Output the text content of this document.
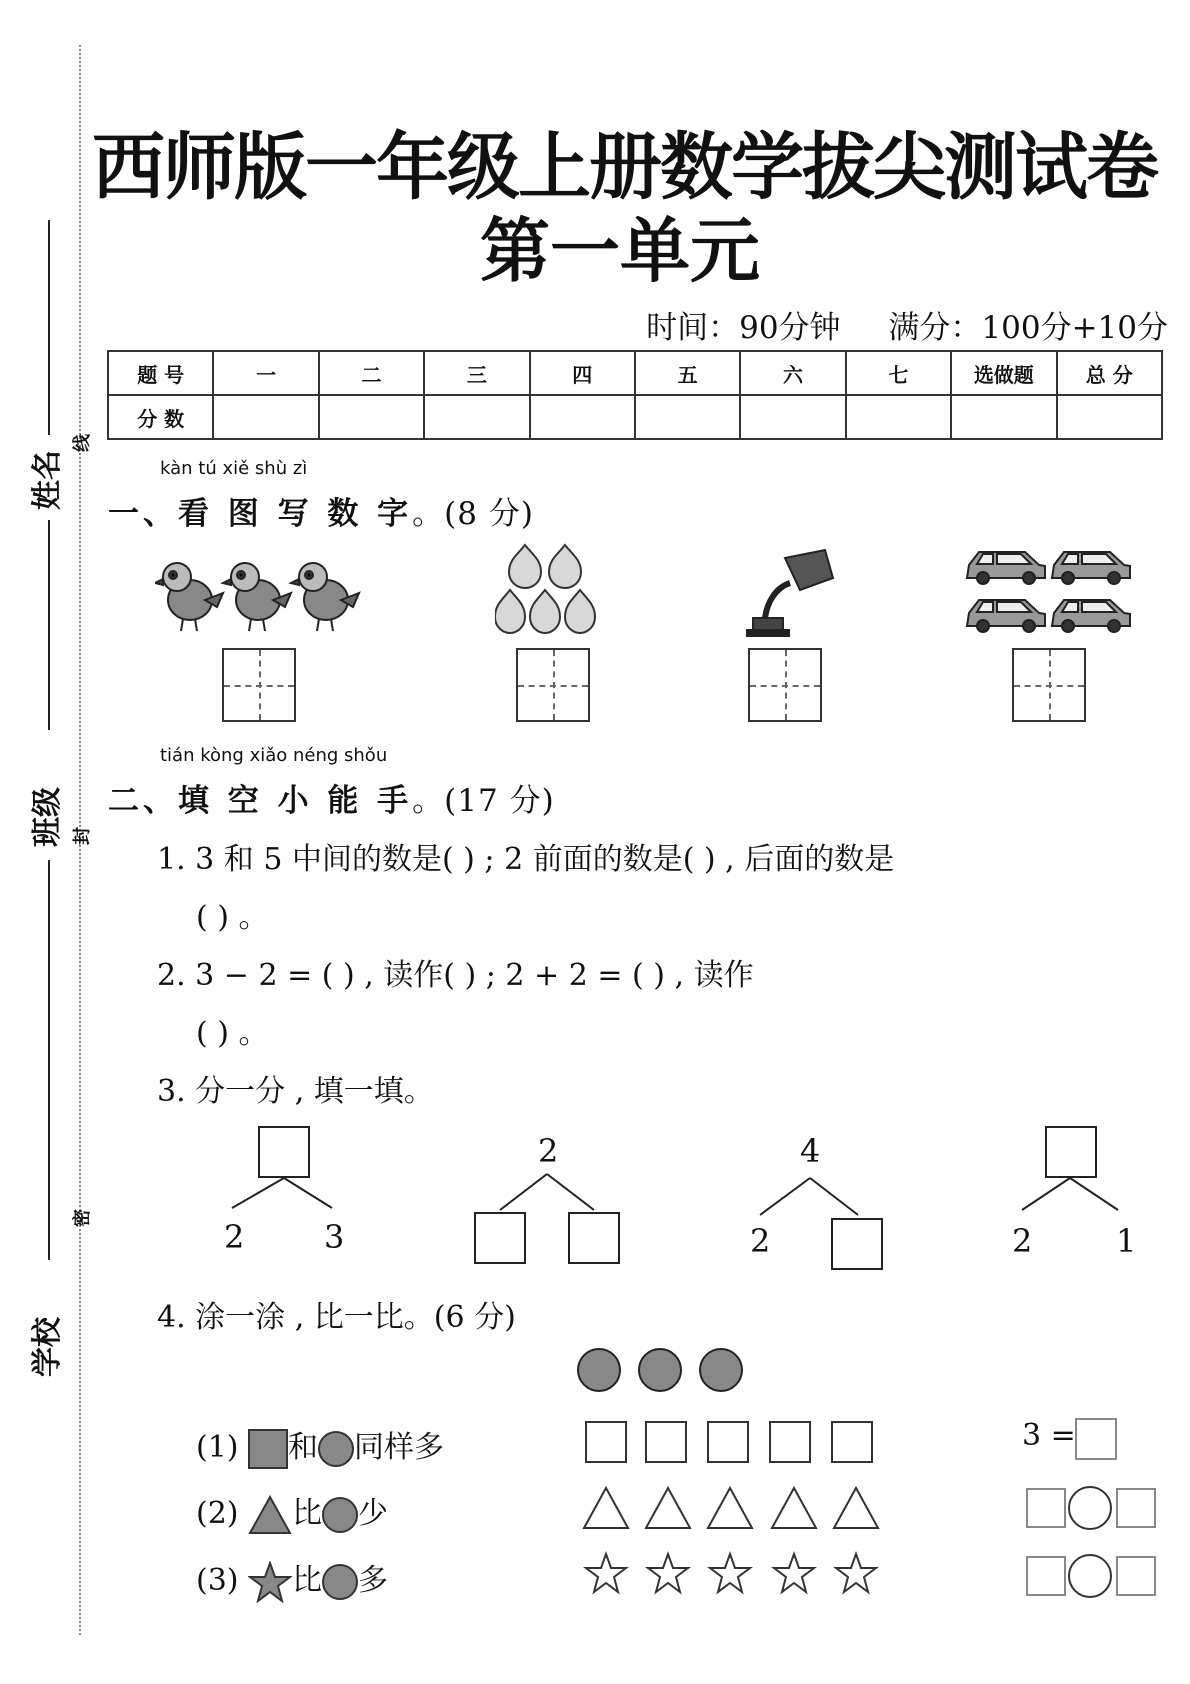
姓名
班级
学校
线
封
密
西师版一年级上册数学拔尖测试卷
第一单元
时间：90分钟 满分：100分+10分
题 号	一	二	三	四	五	六	七	选做题	总 分
分 数									
kàn tú xiě shù zì
一、看 图 写 数 字。(8 分)
tián kòng xiǎo néng shǒu
二、填 空 小 能 手。(17 分)
1. 3 和 5 中间的数是( ) ; 2 前面的数是( ) , 后面的数是
( ) 。
2. 3 − 2 = ( ) , 读作( ) ; 2 + 2 = ( ) , 读作
( ) 。
3. 分一分 , 填一填。
2 3
2	4
2	2	1
4. 涂一涂 , 比一比。(6 分)
(1) 和 同样多	3 =
(2) 比 少
(3) 比 多
